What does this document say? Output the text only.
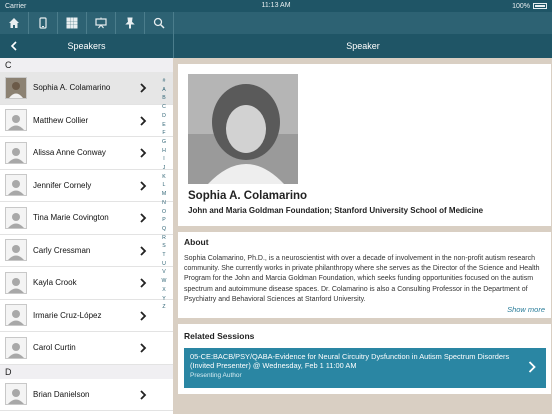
Carrier	11:13 AM	100%
Speakers	Speaker
C
Sophia A. Colamarino
Matthew Collier
Alissa Anne Conway
Jennifer Cornely
Tina Marie Covington
Carly Cressman
Kayla Crook
Irmarie Cruz-López
Carol Curtin
D
Brian Danielson
#
A
B
C
D
E
F
G
H
I
J
K
L
M
N
O
P
Q
R
S
T
U
V
W
X
Y
Z
Sophia A. Colamarino
John and Maria Goldman Foundation; Stanford University School of Medicine
About
Sophia Colamarino, Ph.D., is a neuroscientist with over a decade of involvement in the non-profit autism research community. She currently works in private philanthropy where she serves as the Director of the Science and Health Program for the John and Marcia Goldman Foundation, which seeks funding opportunities focused on the autism spectrum and autoimmune disease spaces. Dr. Colamarino is also a Consulting Professor in the Department of Psychiatry and Behavioral Sciences at Stanford University.
Show more
Related Sessions
05-CE:BACB/PSY/QABA-Evidence for Neural Circuitry Dysfunction in Autism Spectrum Disorders (Invited Presenter) @ Wednesday, Feb 1 11:00 AM
Presenting Author
